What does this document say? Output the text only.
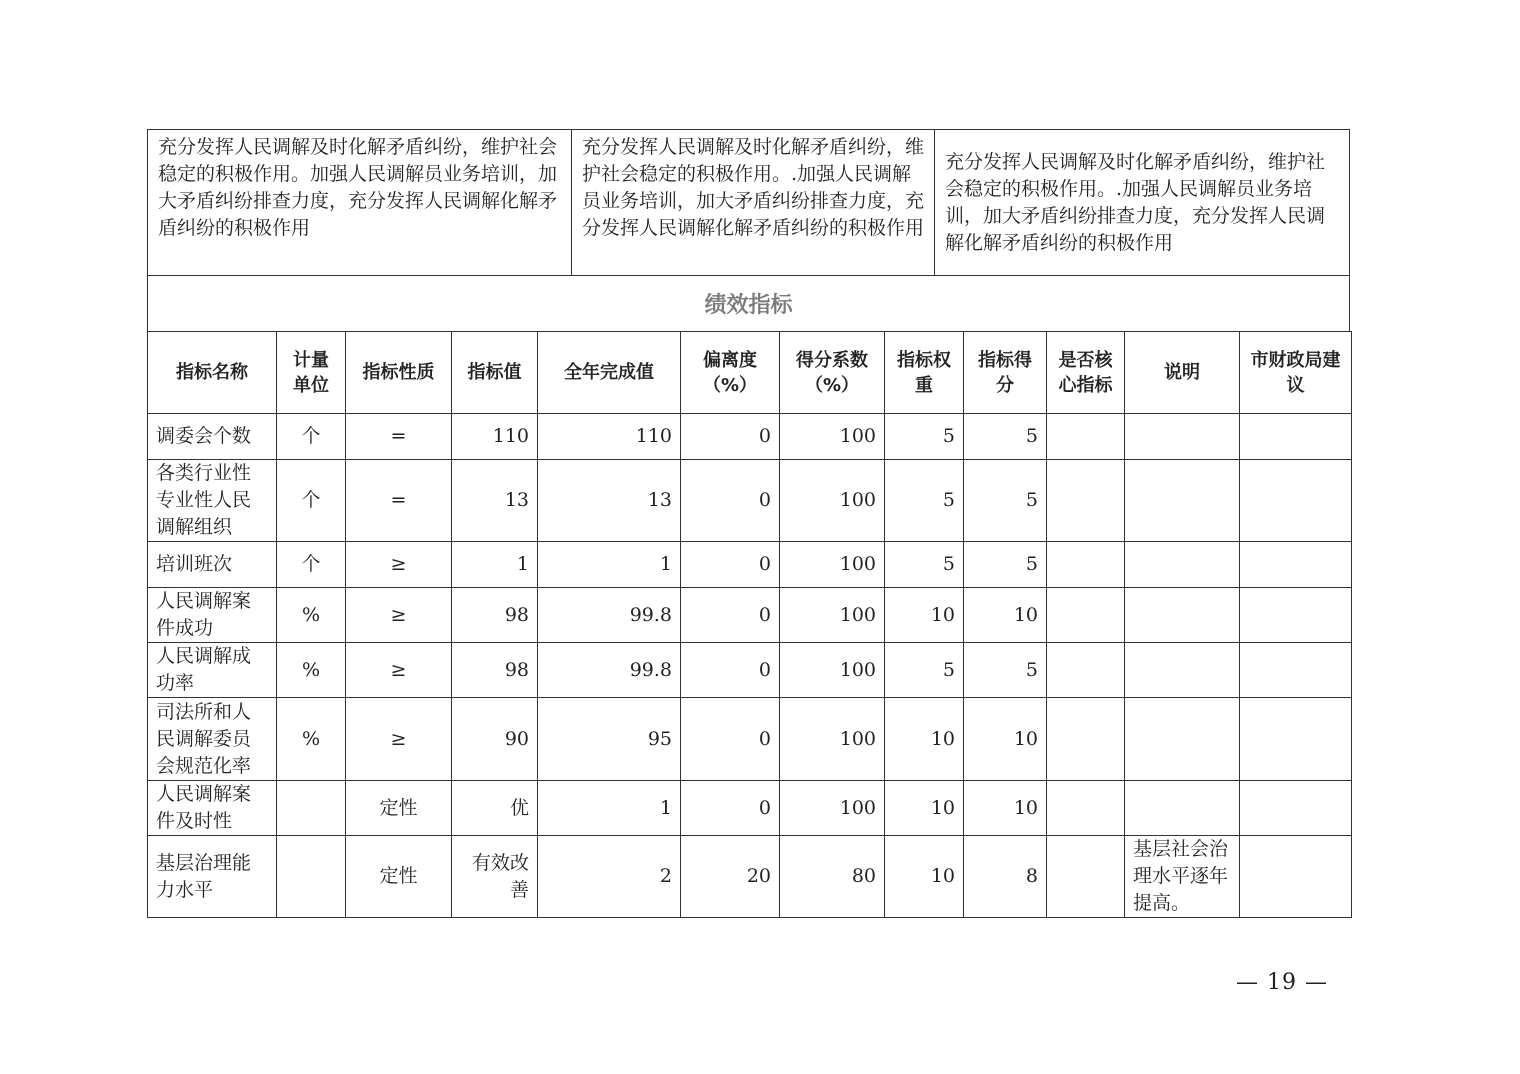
充分发挥人民调解及时化解矛盾纠纷，维护社会稳定的积极作用。加强人民调解员业务培训，加大矛盾纠纷排查力度，充分发挥人民调解化解矛盾纠纷的积极作用
充分发挥人民调解及时化解矛盾纠纷，维护社会稳定的积极作用。.加强人民调解员业务培训，加大矛盾纠纷排查力度，充分发挥人民调解化解矛盾纠纷的积极作用
充分发挥人民调解及时化解矛盾纠纷，维护社会稳定的积极作用。.加强人民调解员业务培训，加大矛盾纠纷排查力度，充分发挥人民调解化解矛盾纠纷的积极作用
绩效指标
指标名称	计量单位	指标性质	指标值	全年完成值	偏离度（%）	得分系数（%）	指标权重	指标得分	是否核心指标	说明	市财政局建议
调委会个数	个	=	110	110	0	100	5	5			
各类行业性专业性人民调解组织	个	=	13	13	0	100	5	5			
培训班次	个	≥	1	1	0	100	5	5			
人民调解案件成功	%	≥	98	99.8	0	100	10	10			
人民调解成功率	%	≥	98	99.8	0	100	5	5			
司法所和人民调解委员会规范化率	%	≥	90	95	0	100	10	10			
人民调解案件及时性		定性	优	1	0	100	10	10			
基层治理能力水平		定性	有效改善	2	20	80	10	8		基层社会治理水平逐年提高。	
— 19 —
